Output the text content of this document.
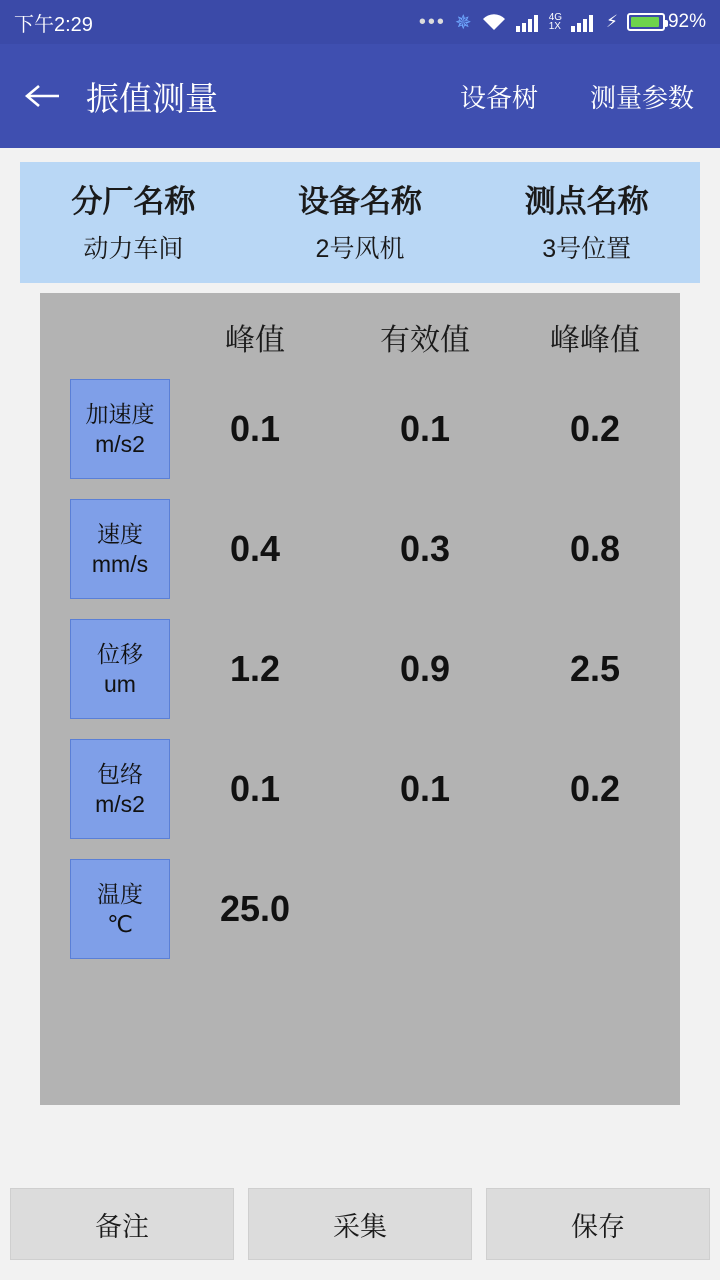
下午2:29	••• ✵	4G
1X	⚡	92%
振值测量	设备树	测量参数
分厂名称
动力车间
设备名称
2号风机
测点名称
3号位置
峰值	有效值	峰峰值
加速度
m/s2	0.1	0.1	0.2
速度
mm/s	0.4	0.3	0.8
位移
um	1.2	0.9	2.5
包络
m/s2	0.1	0.1	0.2
温度
℃	25.0
备注	采集	保存
